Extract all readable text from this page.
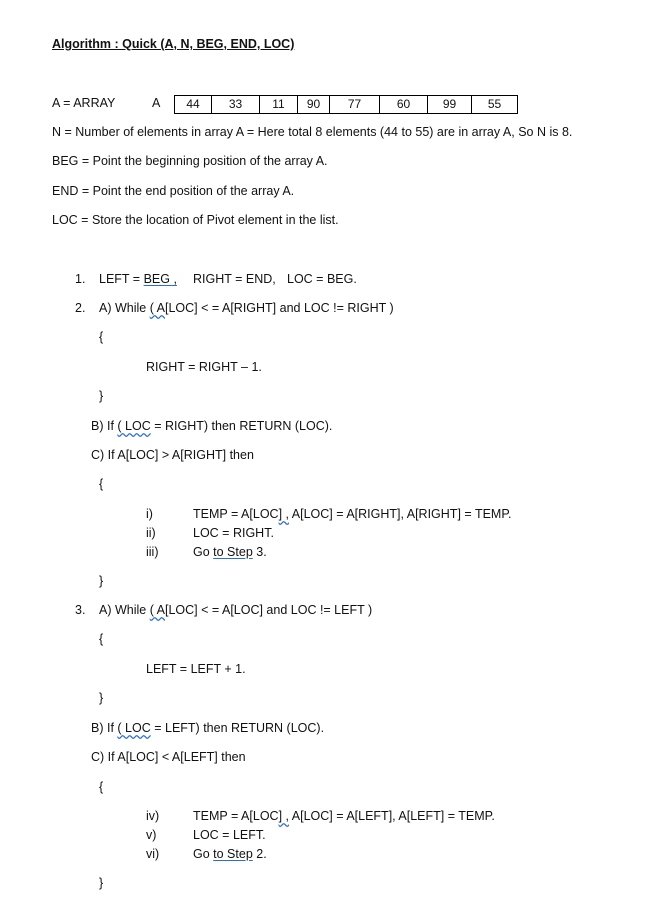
Algorithm : Quick (A, N, BEG, END, LOC)
A = ARRAY	A	44	33	11	90	77	60	99	55
N = Number of elements in array A = Here total 8 elements (44 to 55) are in array A, So N is 8.
BEG = Point the beginning position of the array A.
END = Point the end position of the array A.
LOC = Store the location of Pivot element in the list.
1. LEFT = BEG , RIGHT = END, LOC = BEG.
2. A) While ( A[LOC] < = A[RIGHT] and LOC != RIGHT )
{
RIGHT = RIGHT – 1.
}
B) If ( LOC = RIGHT) then RETURN (LOC).
C) If A[LOC] > A[RIGHT] then
{
i)	TEMP = A[LOC] , A[LOC] = A[RIGHT], A[RIGHT] = TEMP.
ii)	LOC = RIGHT.
iii)	Go to Step 3.
}
3. A) While ( A[LOC] < = A[LOC] and LOC != LEFT )
{
LEFT = LEFT + 1.
}
B) If ( LOC = LEFT) then RETURN (LOC).
C) If A[LOC] < A[LEFT] then
{
iv)	TEMP = A[LOC] , A[LOC] = A[LEFT], A[LEFT] = TEMP.
v)	LOC = LEFT.
vi)	Go to Step 2.
}
